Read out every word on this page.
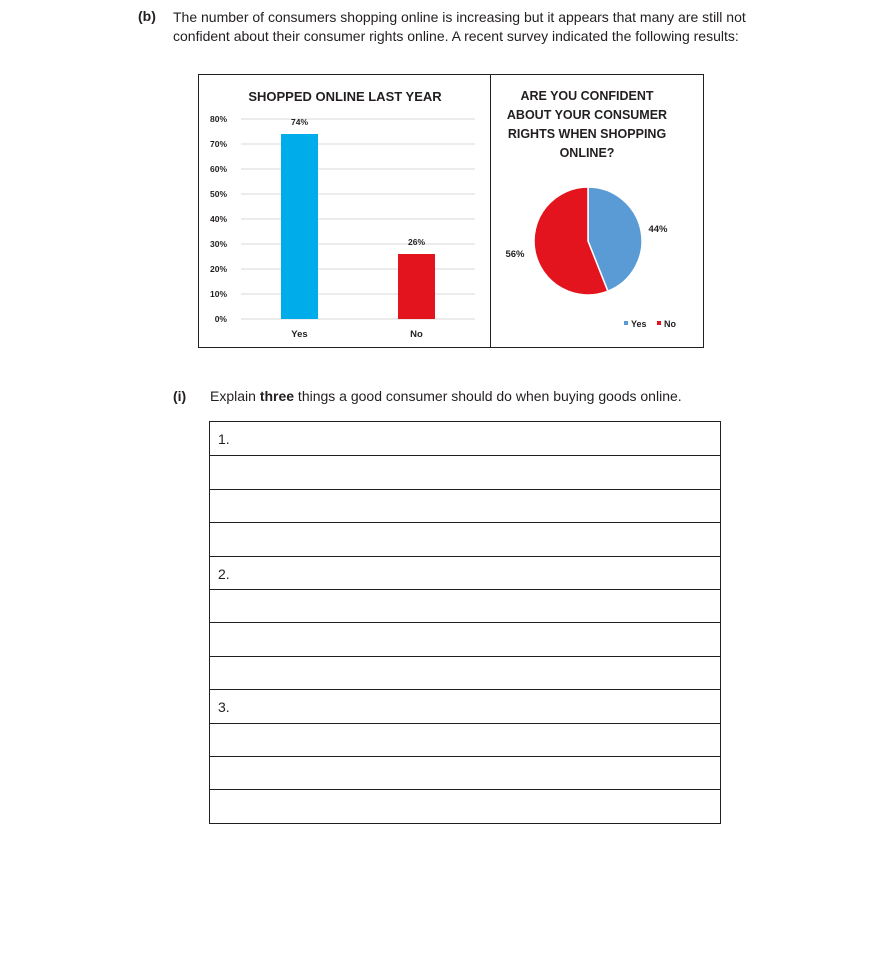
(b) The number of consumers shopping online is increasing but it appears that many are still not confident about their consumer rights online. A recent survey indicated the following results:
SHOPPED ONLINE LAST YEAR
0%
10%
20%
30%
40%
50%
60%
70%
80%	74%
Yes
26%
No
ARE YOU CONFIDENT
ABOUT YOUR CONSUMER
RIGHTS WHEN SHOPPING
ONLINE?
44%
56%
Yes No
(i) Explain three things a good consumer should do when buying goods online.
1.
2.
3.
